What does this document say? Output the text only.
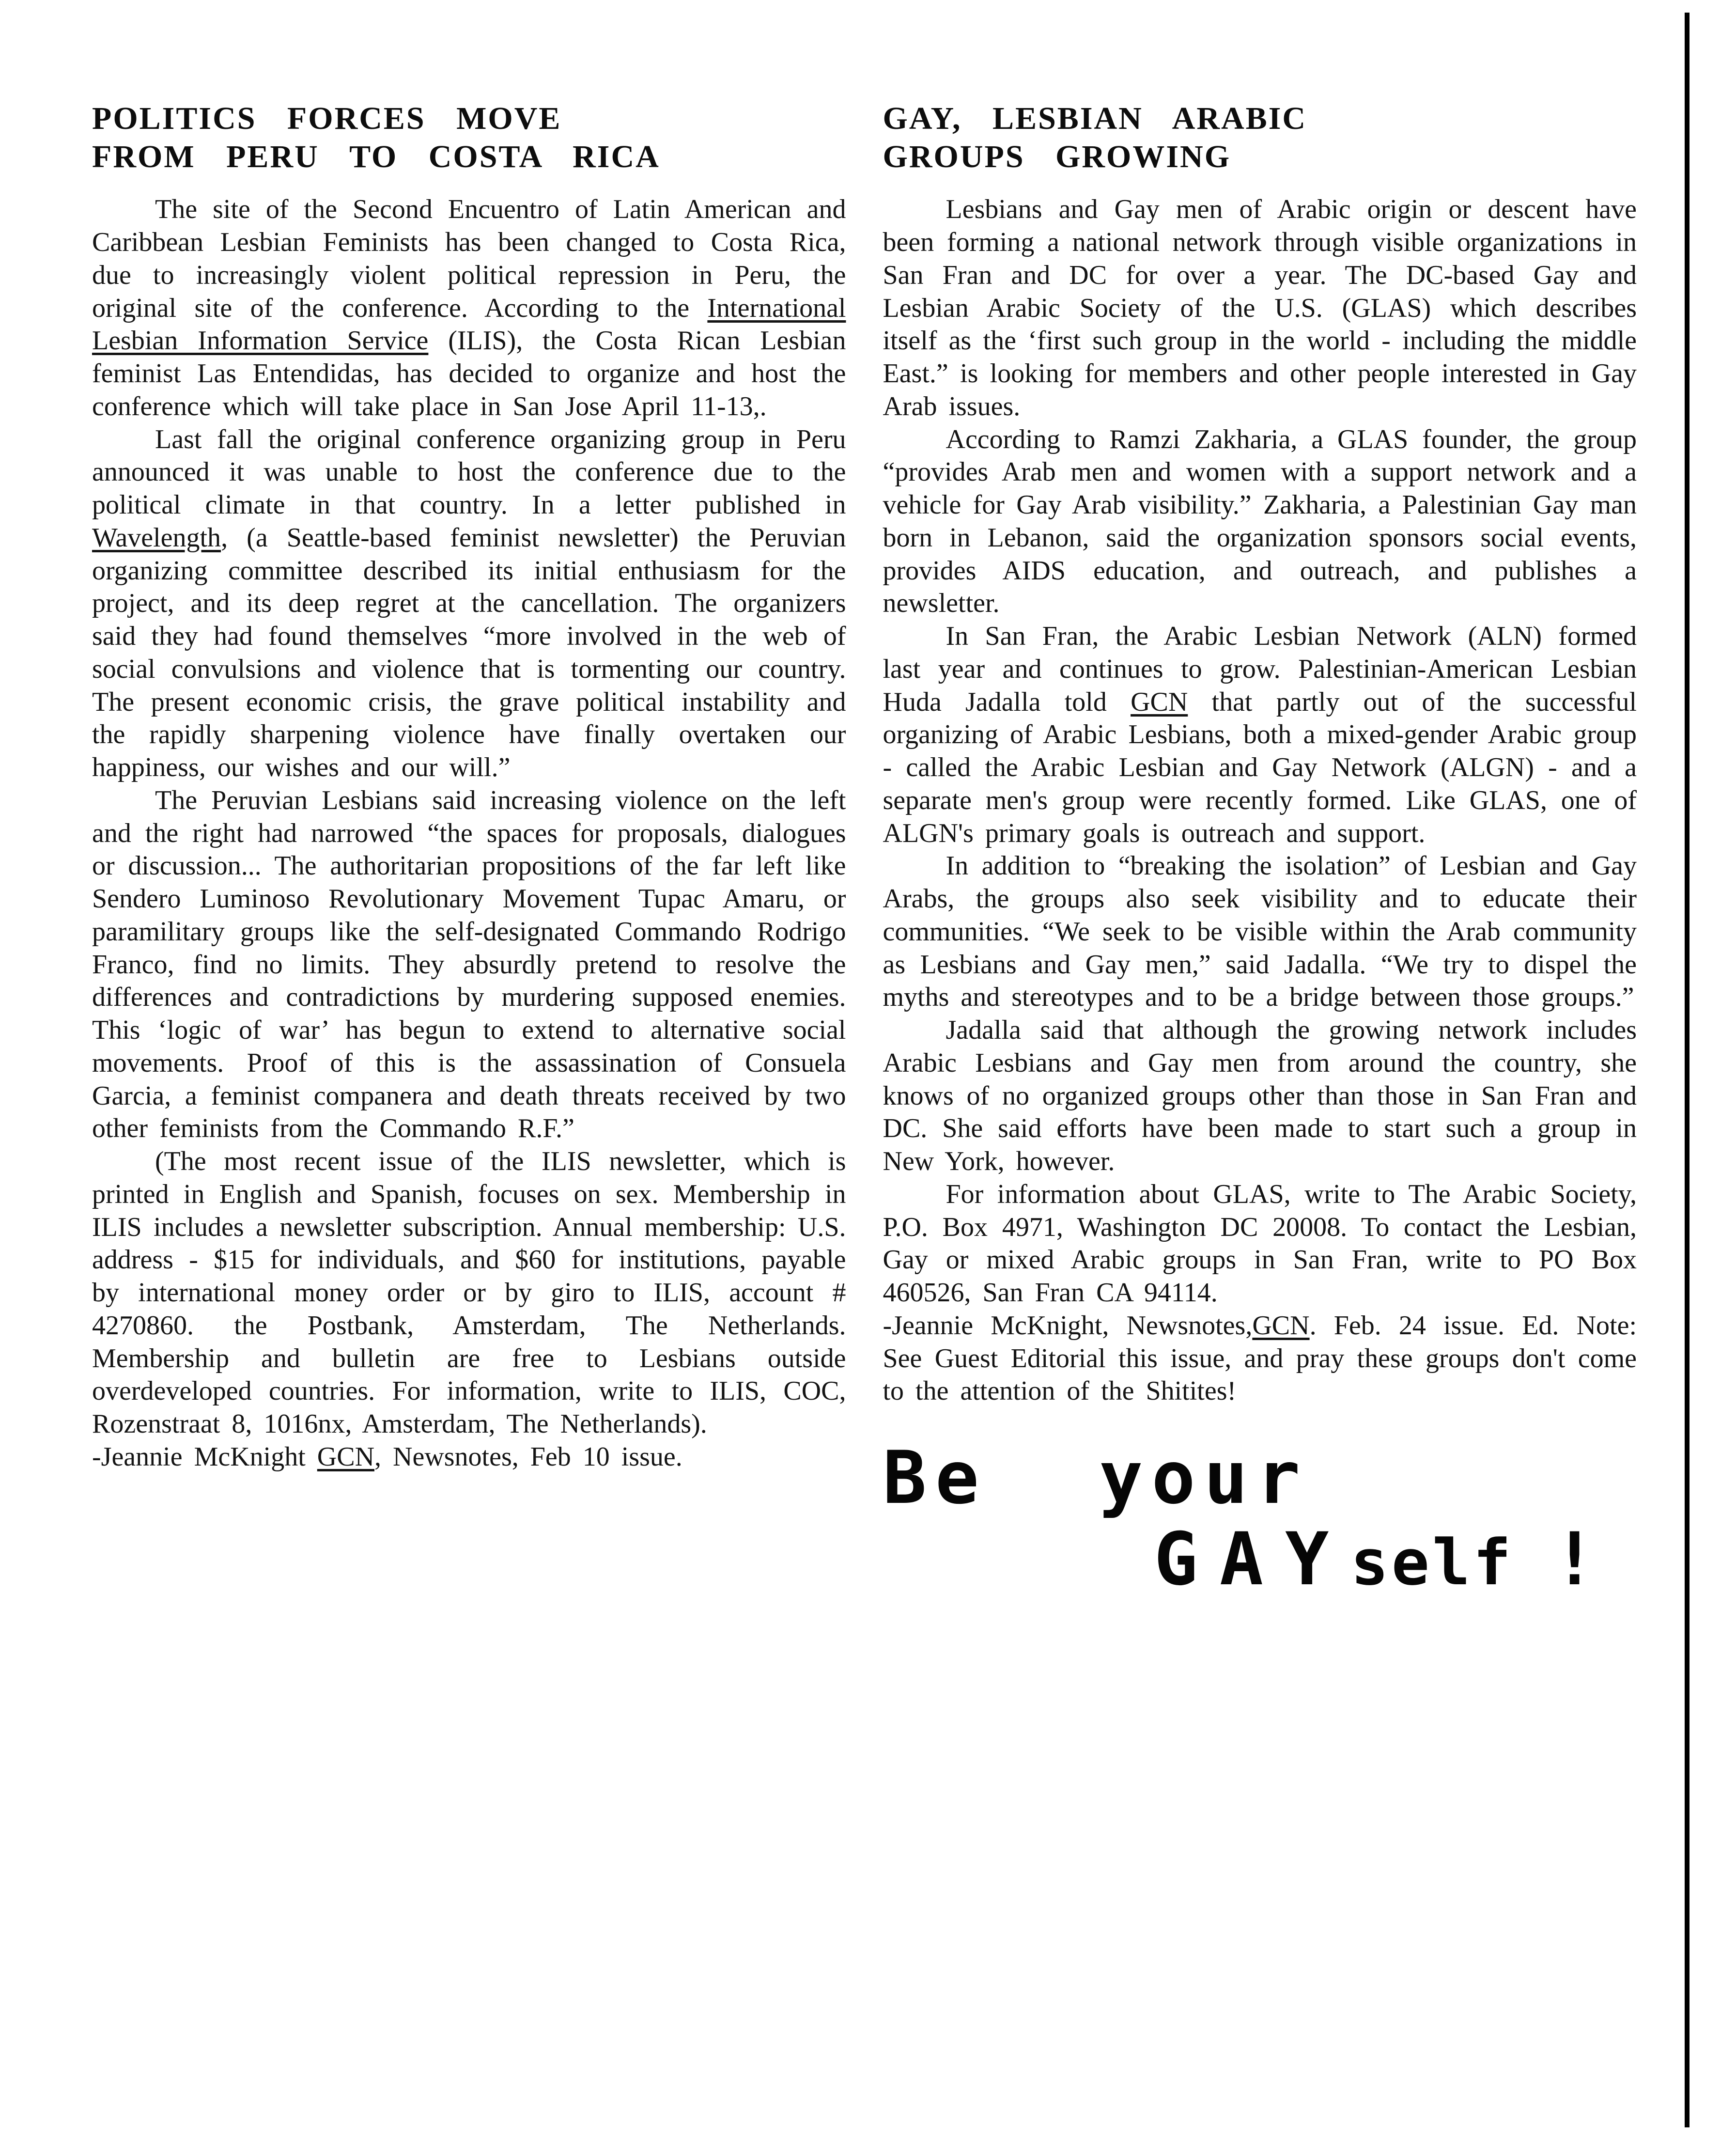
POLITICS FORCES MOVE
FROM PERU TO COSTA RICA

The site of the Second Encuentro of Latin American and Caribbean Lesbian Feminists has been changed to Costa Rica, due to increasingly violent political repression in Peru, the original site of the conference. According to the International Lesbian Information Service (ILIS), the Costa Rican Lesbian feminist Las Entendidas, has decided to organize and host the conference which will take place in San Jose April 11-13,.

Last fall the original conference organizing group in Peru announced it was unable to host the conference due to the political climate in that country. In a letter published in Wavelength, (a Seattle-based feminist newsletter) the Peruvian organizing committee described its initial enthusiasm for the project, and its deep regret at the cancellation. The organizers said they had found themselves “more involved in the web of social convulsions and violence that is tormenting our country. The present economic crisis, the grave political instability and the rapidly sharpening violence have finally overtaken our happiness, our wishes and our will.”

The Peruvian Lesbians said increasing violence on the left and the right had narrowed “the spaces for proposals, dialogues or discussion... The authoritarian propositions of the far left like Sendero Luminoso Revolutionary Movement Tupac Amaru, or paramilitary groups like the self-designated Commando Rodrigo Franco, find no limits. They absurdly pretend to resolve the differences and contradictions by murdering supposed enemies. This ‘logic of war’ has begun to extend to alternative social movements. Proof of this is the assassination of Consuela Garcia, a feminist companera and death threats received by two other feminists from the Commando R.F.”

(The most recent issue of the ILIS newsletter, which is printed in English and Spanish, focuses on sex. Membership in ILIS includes a newsletter subscription. Annual membership: U.S. address - $15 for individuals, and $60 for institutions, payable by international money order or by giro to ILIS, account # 4270860. the Postbank, Amsterdam, The Netherlands. Membership and bulletin are free to Lesbians outside overdeveloped countries. For information, write to ILIS, COC, Rozenstraat 8, 1016nx, Amsterdam, The Netherlands).

-Jeannie McKnight GCN, Newsnotes, Feb 10 issue.

GAY, LESBIAN ARABIC
GROUPS GROWING

Lesbians and Gay men of Arabic origin or descent have been forming a national network through visible organizations in San Fran and DC for over a year. The DC-based Gay and Lesbian Arabic Society of the U.S. (GLAS) which describes itself as the ‘first such group in the world - including the middle East.” is looking for members and other people interested in Gay Arab issues.

According to Ramzi Zakharia, a GLAS founder, the group “provides Arab men and women with a support network and a vehicle for Gay Arab visibility.” Zakharia, a Palestinian Gay man born in Lebanon, said the organization sponsors social events, provides AIDS education, and outreach, and publishes a newsletter.

In San Fran, the Arabic Lesbian Network (ALN) formed last year and continues to grow. Palestinian-American Lesbian Huda Jadalla told GCN that partly out of the successful organizing of Arabic Lesbians, both a mixed-gender Arabic group - called the Arabic Lesbian and Gay Network (ALGN) - and a separate men's group were recently formed. Like GLAS, one of ALGN's primary goals is outreach and support.

In addition to “breaking the isolation” of Lesbian and Gay Arabs, the groups also seek visibility and to educate their communities. “We seek to be visible within the Arab community as Lesbians and Gay men,” said Jadalla. “We try to dispel the myths and stereotypes and to be a bridge between those groups.”

Jadalla said that although the growing network includes Arabic Lesbians and Gay men from around the country, she knows of no organized groups other than those in San Fran and DC. She said efforts have been made to start such a group in New York, however.

For information about GLAS, write to The Arabic Society, P.O. Box 4971, Washington DC 20008. To contact the Lesbian, Gay or mixed Arabic groups in San Fran, write to PO Box 460526, San Fran CA 94114.

-Jeannie McKnight, Newsnotes,GCN. Feb. 24 issue. Ed. Note: See Guest Editorial this issue, and pray these groups don't come to the attention of the Shitites!

Be your
GAYself !
